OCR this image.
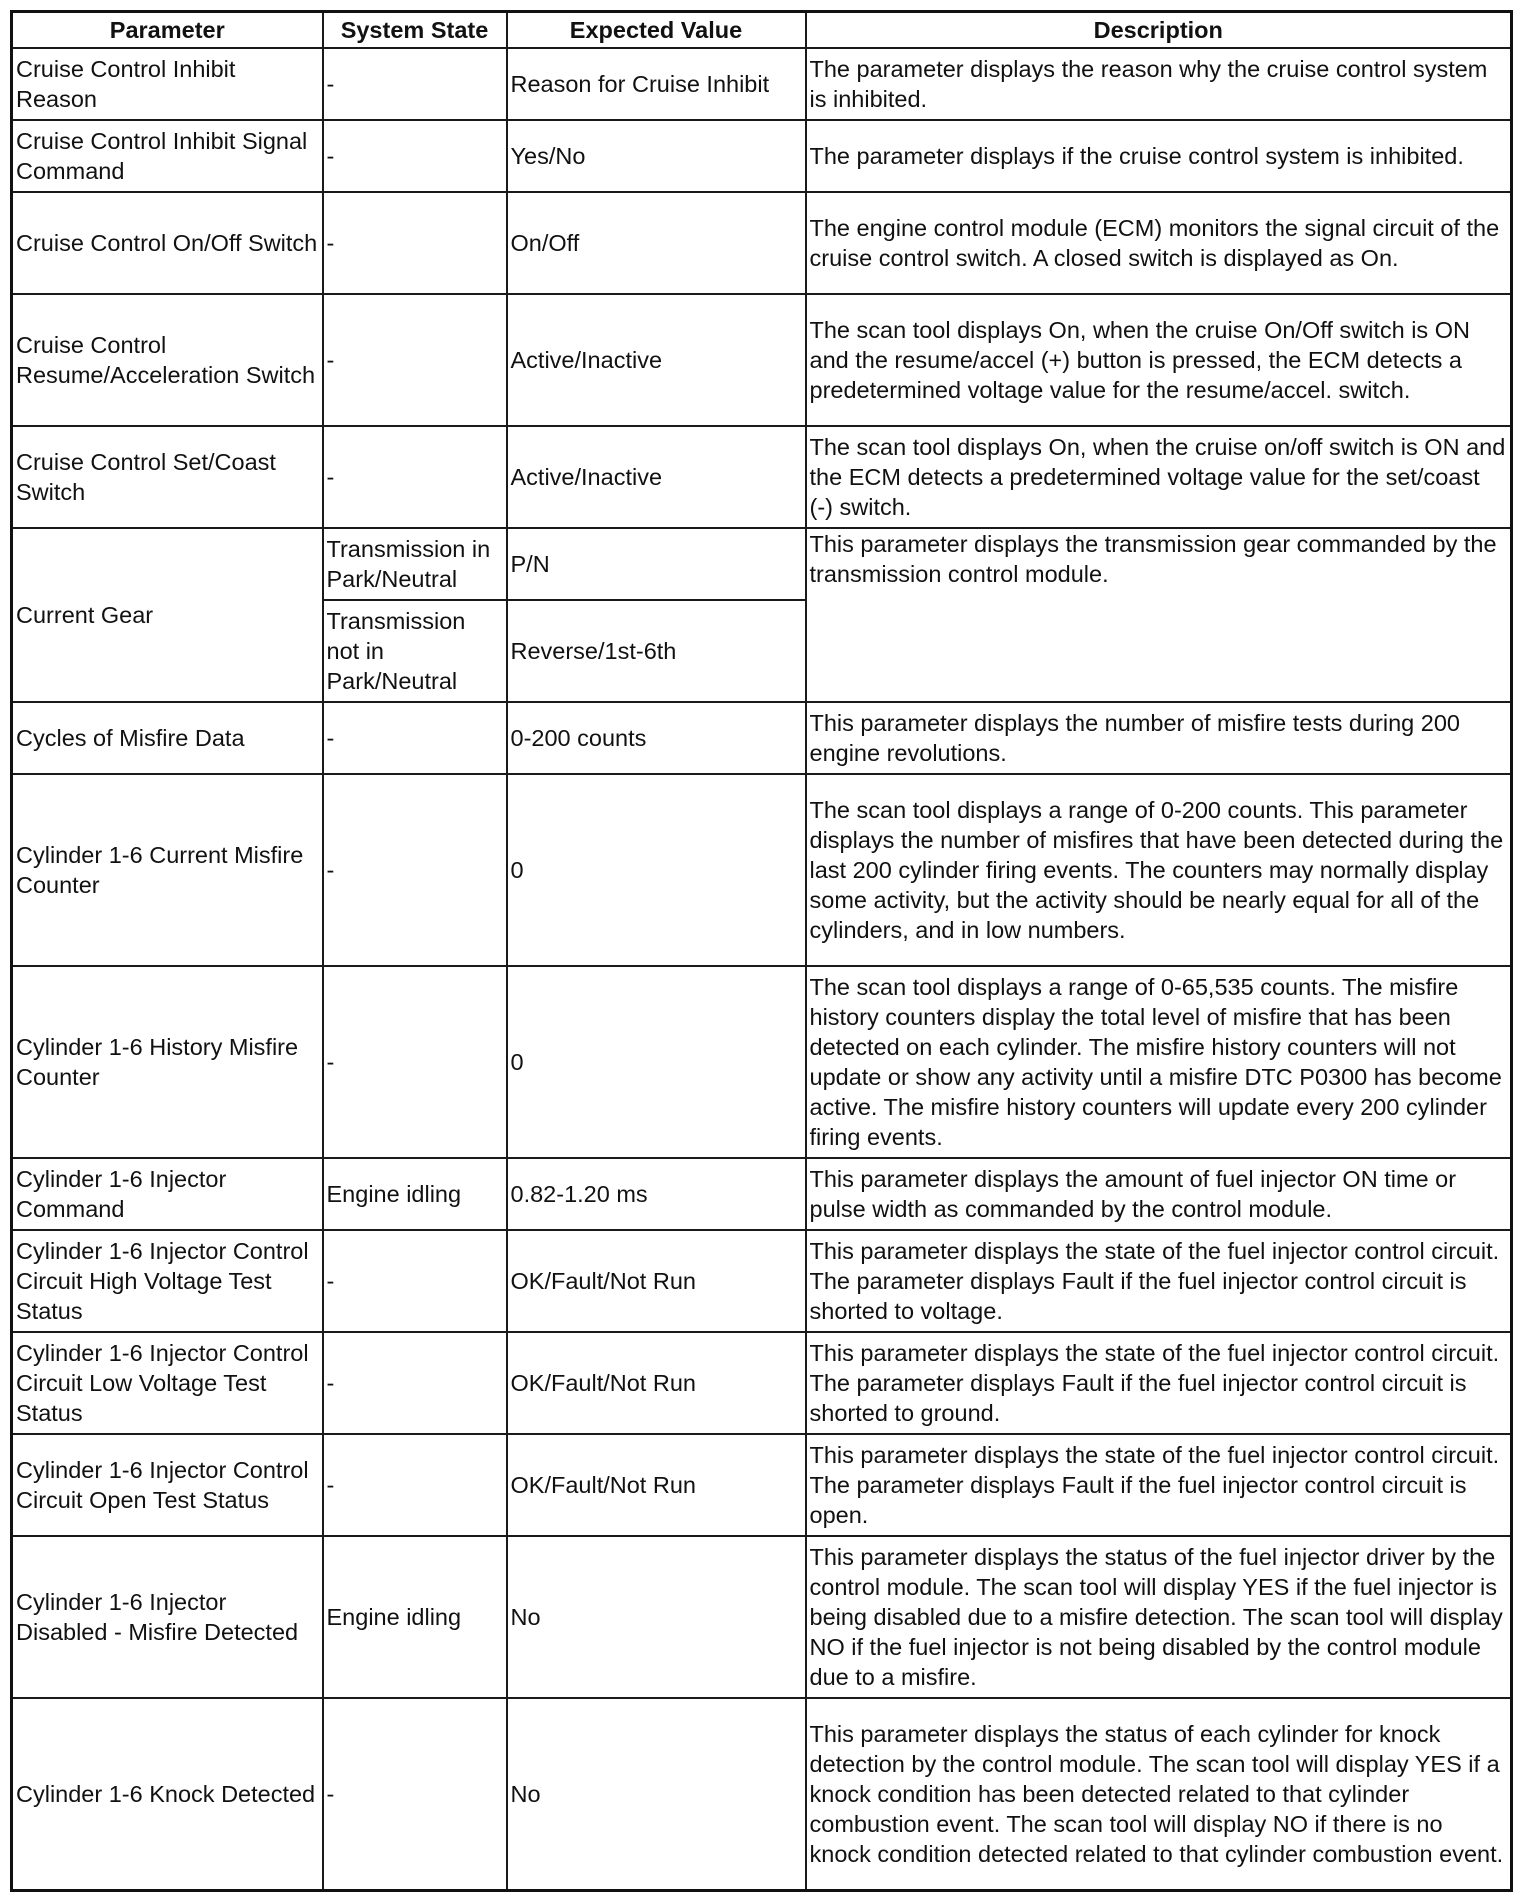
Parameter	System State	Expected Value	Description
Cruise Control Inhibit Reason	-	Reason for Cruise Inhibit	The parameter displays the reason why the cruise control system is inhibited.
Cruise Control Inhibit Signal Command	-	Yes/No	The parameter displays if the cruise control system is inhibited.
Cruise Control On/Off Switch	-	On/Off	The engine control module (ECM) monitors the signal circuit of the cruise control switch. A closed switch is displayed as On.
Cruise Control Resume/Acceleration Switch	-	Active/Inactive	The scan tool displays On, when the cruise On/Off switch is ON and the resume/accel (+) button is pressed, the ECM detects a predetermined voltage value for the resume/accel. switch.
Cruise Control Set/Coast Switch	-	Active/Inactive	The scan tool displays On, when the cruise on/off switch is ON and the ECM detects a predetermined voltage value for the set/coast (-) switch.
Current Gear	Transmission in Park/Neutral	P/N	This parameter displays the transmission gear commanded by the transmission control module.
	Transmission not in Park/Neutral	Reverse/1st-6th	
Cycles of Misfire Data	-	0-200 counts	This parameter displays the number of misfire tests during 200 engine revolutions.
Cylinder 1-6 Current Misfire Counter	-	0	The scan tool displays a range of 0-200 counts. This parameter displays the number of misfires that have been detected during the last 200 cylinder firing events. The counters may normally display some activity, but the activity should be nearly equal for all of the cylinders, and in low numbers.
Cylinder 1-6 History Misfire Counter	-	0	The scan tool displays a range of 0-65,535 counts. The misfire history counters display the total level of misfire that has been detected on each cylinder. The misfire history counters will not update or show any activity until a misfire DTC P0300 has become active. The misfire history counters will update every 200 cylinder firing events.
Cylinder 1-6 Injector Command	Engine idling	0.82-1.20 ms	This parameter displays the amount of fuel injector ON time or pulse width as commanded by the control module.
Cylinder 1-6 Injector Control Circuit High Voltage Test Status	-	OK/Fault/Not Run	This parameter displays the state of the fuel injector control circuit. The parameter displays Fault if the fuel injector control circuit is shorted to voltage.
Cylinder 1-6 Injector Control Circuit Low Voltage Test Status	-	OK/Fault/Not Run	This parameter displays the state of the fuel injector control circuit. The parameter displays Fault if the fuel injector control circuit is shorted to ground.
Cylinder 1-6 Injector Control Circuit Open Test Status	-	OK/Fault/Not Run	This parameter displays the state of the fuel injector control circuit. The parameter displays Fault if the fuel injector control circuit is open.
Cylinder 1-6 Injector Disabled - Misfire Detected	Engine idling	No	This parameter displays the status of the fuel injector driver by the control module. The scan tool will display YES if the fuel injector is being disabled due to a misfire detection. The scan tool will display NO if the fuel injector is not being disabled by the control module due to a misfire.
Cylinder 1-6 Knock Detected	-	No	This parameter displays the status of each cylinder for knock detection by the control module. The scan tool will display YES if a knock condition has been detected related to that cylinder combustion event. The scan tool will display NO if there is no knock condition detected related to that cylinder combustion event.
